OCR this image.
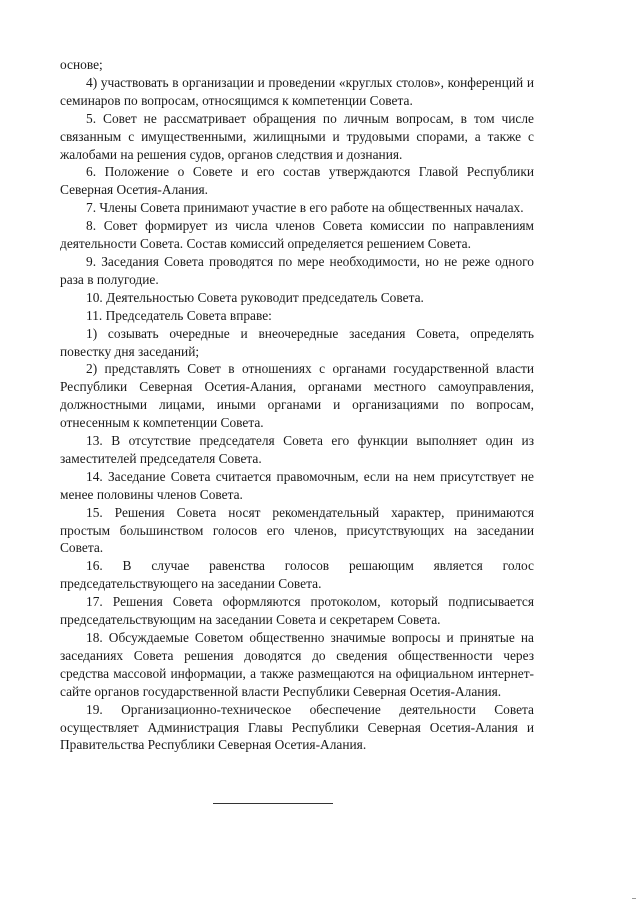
основе;

4) участвовать в организации и проведении «круглых столов», конференций и семинаров по вопросам, относящимся к компетенции Совета.

5. Совет не рассматривает обращения по личным вопросам, в том числе связанным с имущественными, жилищными и трудовыми спорами, а также с жалобами на решения судов, органов следствия и дознания.

6. Положение о Совете и его состав утверждаются Главой Республики Северная Осетия-Алания.

7. Члены Совета принимают участие в его работе на общественных началах.

8. Совет формирует из числа членов Совета комиссии по направлениям деятельности Совета. Состав комиссий определяется решением Совета.

9. Заседания Совета проводятся по мере необходимости, но не реже одного раза в полугодие.

10. Деятельностью Совета руководит председатель Совета.

11. Председатель Совета вправе:

1) созывать очередные и внеочередные заседания Совета, определять повестку дня заседаний;

2) представлять Совет в отношениях с органами государственной власти Республики Северная Осетия-Алания, органами местного самоуправления, должностными лицами, иными органами и организациями по вопросам, отнесенным к компетенции Совета.

13. В отсутствие председателя Совета его функции выполняет один из заместителей председателя Совета.

14. Заседание Совета считается правомочным, если на нем присутствует не менее половины членов Совета.

15. Решения Совета носят рекомендательный характер, принимаются простым большинством голосов его членов, присутствующих на заседании Совета.

16. В случае равенства голосов решающим является голос председательствующего на заседании Совета.

17. Решения Совета оформляются протоколом, который подписывается председательствующим на заседании Совета и секретарем Совета.

18. Обсуждаемые Советом общественно значимые вопросы и принятые на заседаниях Совета решения доводятся до сведения общественности через средства массовой информации, а также размещаются на официальном интернет-сайте органов государственной власти Республики Северная Осетия-Алания.

19. Организационно-техническое обеспечение деятельности Совета осуществляет Администрация Главы Республики Северная Осетия-Алания и Правительства Республики Северная Осетия-Алания.
